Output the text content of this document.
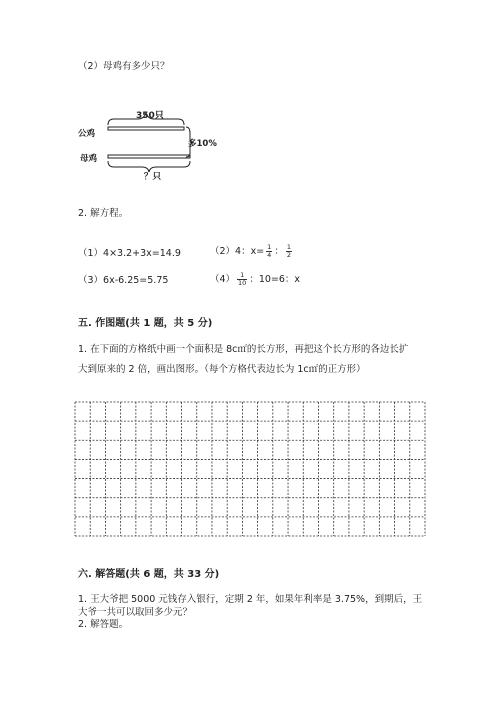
（2）母鸡有多少只？
350只
公鸡
多10%
母鸡
？只
2. 解方程。
（1）4×3.2+3x=14.9	（2）4：$x= \frac{1}{4}$ ： $\frac{1}{2}$
（3）6x-6.25=5.75	$(4) \frac{1}{10}$ ：10=6：x
五. 作图题(共 1 题，共 5 分)
1. 在下面的方格纸中画一个面积是 8c㎡的长方形，再把这个长方形的各边长扩
大到原来的 2 倍，画出图形。（每个方格代表边长为 1c㎡的正方形）
六. 解答题(共 6 题，共 33 分)
1. 王大爷把 5000 元钱存入银行，定期 2 年，如果年利率是 3.75%，到期后，王
大爷一共可以取回多少元？
2. 解答题。
